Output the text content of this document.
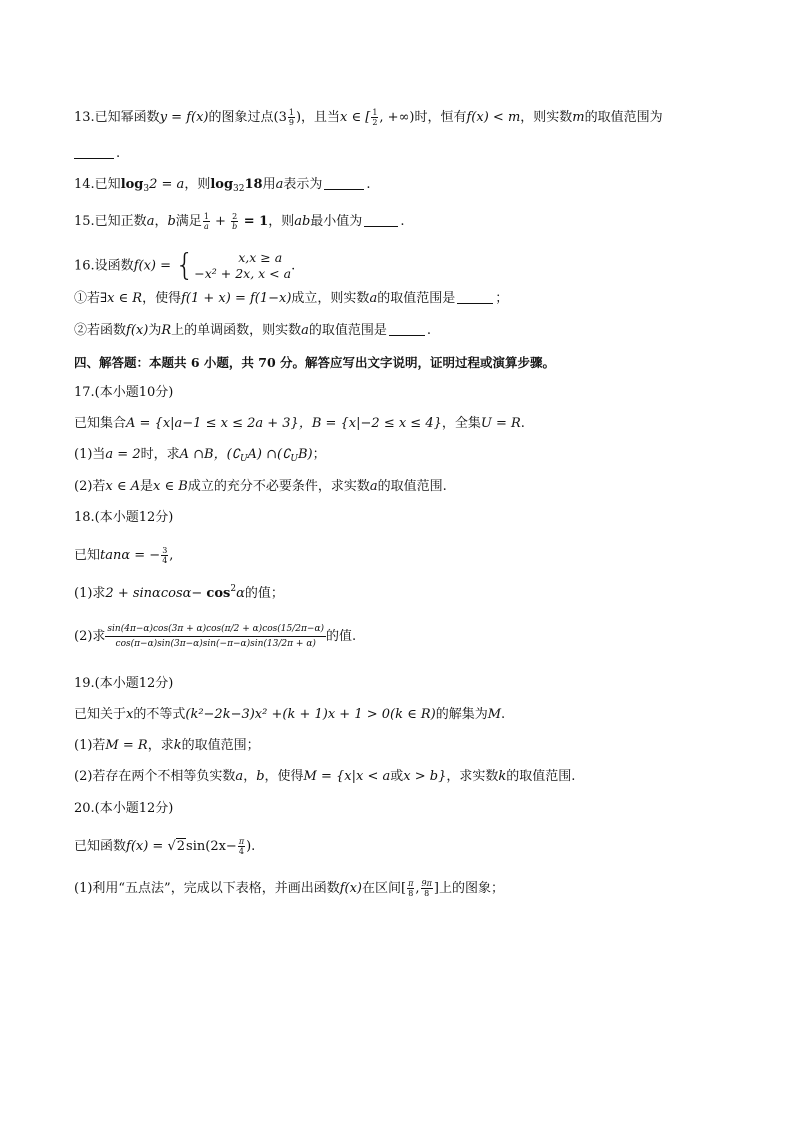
13.已知幂函数y = f(x)的图象过点($3 \frac{1}{9}$ )，且当x ∈ [ $\frac{1}{2}$ , +∞)时，恒有f(x) < m，则实数m的取值范围为
.
14.已知$\log_32 = a$，则$\log_{32}18$用a表示为	.
15.已知正数a，b满足 $\frac{1}{a} + \frac{2}{b} = 1$，则ab最小值为	.
16.设函数f(x) = {	x,x ≥ a
−x² + 2x, x < a .
①若∃x ∈ R，使得f(1 + x) = f(1−x)成立，则实数a的取值范围是	；
②若函数f(x)为R上的单调函数，则实数a的取值范围是	.
四、解答题：本题共 6 小题，共 70 分。解答应写出文字说明，证明过程或演算步骤。
17.(本小题10分)
已知集合A = {x|a−1 ≤ x ≤ 2a + 3}，B = {x|−2 ≤ x ≤ 4}，全集U = R.
(1)当a = 2时，求A ∩B，$(∁_UA)$ $\cap(∁_UB)$；
(2)若x ∈ A是x ∈ B成立的充分不必要条件，求实数a的取值范围.
18.(本小题12分)
已知tanα = − $\frac{3}{4}$ ,
(1)求$2 + \sin\alpha\cos\alpha- \cos^2\alpha$的值；
(2)求 $\frac{\sin(4\pi-\alpha)\cos(3\pi + \alpha)\cos(\pi/2 + \alpha)\cos(15/2\pi-\alpha)}{\cos(\pi-\alpha)\sin(3\pi-\alpha)\sin(-\pi-\alpha)\sin(13/2\pi + \alpha)}$ 的值.
19.(本小题12分)
已知关于x的不等式(k²−2k−3)x² +(k + 1)x + 1 > 0(k ∈ R)的解集为M.
(1)若M = R，求k的取值范围；
(2)若存在两个不相等负实数a，b，使得M = {x|x < a或x > b}，求实数k的取值范围.
20.(本小题12分)
已知函数$f(x) = √2\sin(2x- \frac{\pi}{4}$ ).
(1)利用“五点法”，完成以下表格，并画出函数f(x)在区间[ $\frac{\pi}{8}$ , $\frac{9\pi}{8}$ ]上的图象；
